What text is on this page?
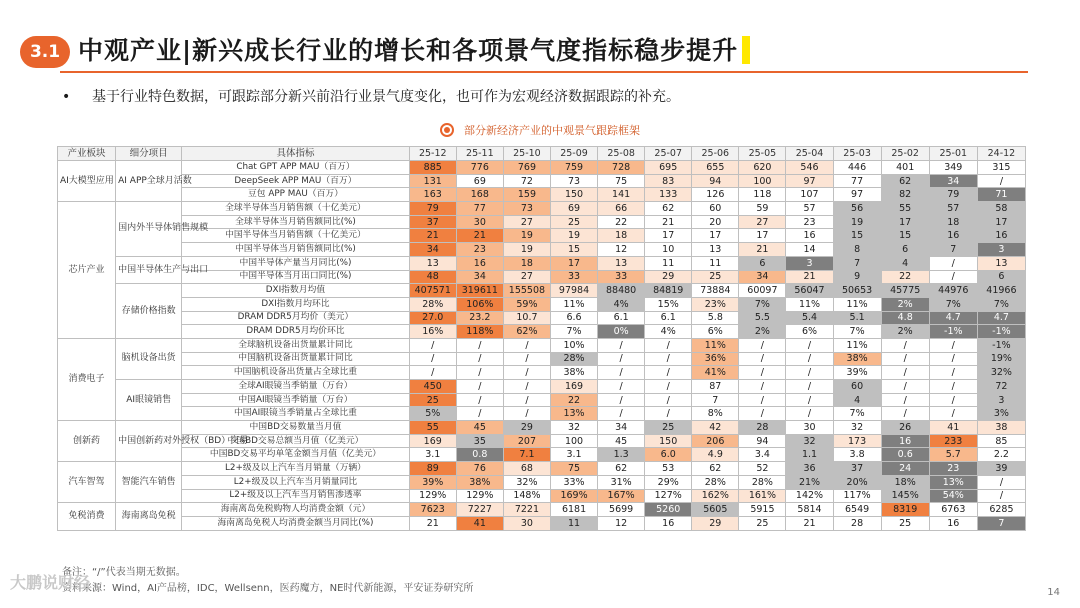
3.1 中观产业|新兴成长行业的增长和各项景气度指标稳步提升
• 基于行业特色数据，可跟踪部分新兴前沿行业景气度变化，也可作为宏观经济数据跟踪的补充。
部分新经济产业的中观景气跟踪框架
产业板块	细分项目	具体指标	25-12	25-11	25-10	25-09	25-08	25-07	25-06	25-05	25-04	25-03	25-02	25-01	24-12
AI大模型应用	AI APP全球月活数	Chat GPT APP MAU（百万）	885	776	769	759	728	695	655	620	546	446	401	349	315
		DeepSeek APP MAU（百万）	131	69	72	73	75	83	94	100	97	77	62	34	/
		豆包 APP MAU（百万）	163	168	159	150	141	133	126	118	107	97	82	79	71
芯片产业	国内外半导体销售规模	全球半导体当月销售额（十亿美元）	79	77	73	69	66	62	60	59	57	56	55	57	58
		全球半导体当月销售额同比(%)	37	30	27	25	22	21	20	27	23	19	17	18	17
		中国半导体当月销售额（十亿美元）	21	21	19	19	18	17	17	17	16	15	15	16	16
		中国半导体当月销售额同比(%)	34	23	19	15	12	10	13	21	14	8	6	7	3
	中国半导体生产与出口	中国半导体产量当月同比(%)	13	16	18	17	13	11	11	6	3	7	4	/	13
		中国半导体当月出口同比(%)	48	34	27	33	33	29	25	34	21	9	22	/	6
	存储价格指数	DXI指数月均值	407571	319611	155508	97984	88480	84819	73884	60097	56047	50653	45775	44976	41966
		DXI指数月均环比	28%	106%	59%	11%	4%	15%	23%	7%	11%	11%	2%	7%	7%
		DRAM DDR5月均价（美元）	27.0	23.2	10.7	6.6	6.1	6.1	5.8	5.5	5.4	5.1	4.8	4.7	4.7
		DRAM DDR5月均价环比	16%	118%	62%	7%	0%	4%	6%	2%	6%	7%	2%	-1%	-1%
消费电子	脑机设备出货	全球脑机设备出货量累计同比	/	/	/	10%	/	/	11%	/	/	11%	/	/	-1%
		中国脑机设备出货量累计同比	/	/	/	28%	/	/	36%	/	/	38%	/	/	19%
		中国脑机设备出货量占全球比重	/	/	/	38%	/	/	41%	/	/	39%	/	/	32%
	AI眼镜销售	全球AI眼镜当季销量（万台）	450	/	/	169	/	/	87	/	/	60	/	/	72
		中国AI眼镜当季销量（万台）	25	/	/	22	/	/	7	/	/	4	/	/	3
		中国AI眼镜当季销量占全球比重	5%	/	/	13%	/	/	8%	/	/	7%	/	/	3%
创新药	中国创新药对外授权（BD）交易	中国BD交易数量当月值	55	45	29	32	34	25	42	28	30	32	26	41	38
		中国BD交易总额当月值（亿美元）	169	35	207	100	45	150	206	94	32	173	16	233	85
		中国BD交易平均单笔金额当月值（亿美元）	3.1	0.8	7.1	3.1	1.3	6.0	4.9	3.4	1.1	3.8	0.6	5.7	2.2
汽车智驾	智能汽车销售	L2+级及以上汽车当月销量（万辆）	89	76	68	75	62	53	62	52	36	37	24	23	39
		L2+级及以上汽车当月销量同比	39%	38%	32%	33%	31%	29%	28%	28%	21%	20%	18%	13%	/
		L2+级及以上汽车当月销售渗透率	129%	129%	148%	169%	167%	127%	162%	161%	142%	117%	145%	54%	/
免税消费	海南离岛免税	海南离岛免税购物人均消费金额（元）	7623	7227	7221	6181	5699	5260	5605	5915	5814	6549	8319	6763	6285
		海南离岛免税人均消费金额当月同比(%)	21	41	30	11	12	16	29	25	21	28	25	16	7
备注：“/”代表当期无数据。
资料来源：Wind，AI产品榜，IDC，Wellsenn，医药魔方，NE时代新能源，平安证券研究所
大鹏说财经
14
